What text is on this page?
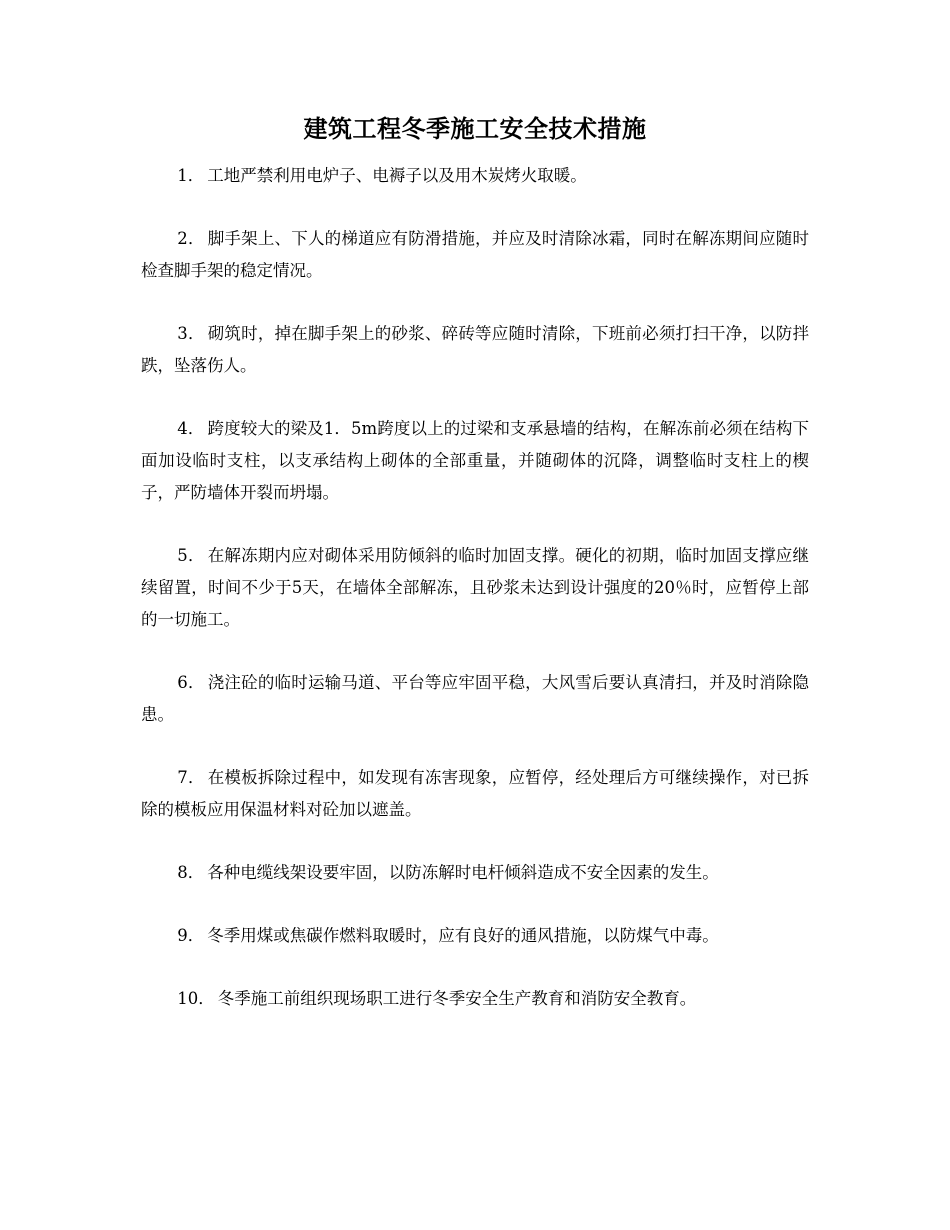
建筑工程冬季施工安全技术措施

1． 工地严禁利用电炉子、电褥子以及用木炭烤火取暖。

2． 脚手架上、下人的梯道应有防滑措施，并应及时清除冰霜，同时在解冻期间应随时检查脚手架的稳定情况。

3． 砌筑时，掉在脚手架上的砂浆、碎砖等应随时清除，下班前必须打扫干净，以防拌跌，坠落伤人。

4． 跨度较大的梁及1．5m跨度以上的过梁和支承悬墙的结构，在解冻前必须在结构下面加设临时支柱，以支承结构上砌体的全部重量，并随砌体的沉降，调整临时支柱上的楔子，严防墙体开裂而坍塌。

5． 在解冻期内应对砌体采用防倾斜的临时加固支撑。硬化的初期，临时加固支撑应继续留置，时间不少于5天，在墙体全部解冻，且砂浆未达到设计强度的20％时，应暂停上部的一切施工。

6． 浇注砼的临时运输马道、平台等应牢固平稳，大风雪后要认真清扫，并及时消除隐患。

7． 在模板拆除过程中，如发现有冻害现象，应暂停，经处理后方可继续操作，对已拆除的模板应用保温材料对砼加以遮盖。

8． 各种电缆线架设要牢固，以防冻解时电杆倾斜造成不安全因素的发生。

9． 冬季用煤或焦碳作燃料取暖时，应有良好的通风措施，以防煤气中毒。

10． 冬季施工前组织现场职工进行冬季安全生产教育和消防安全教育。
